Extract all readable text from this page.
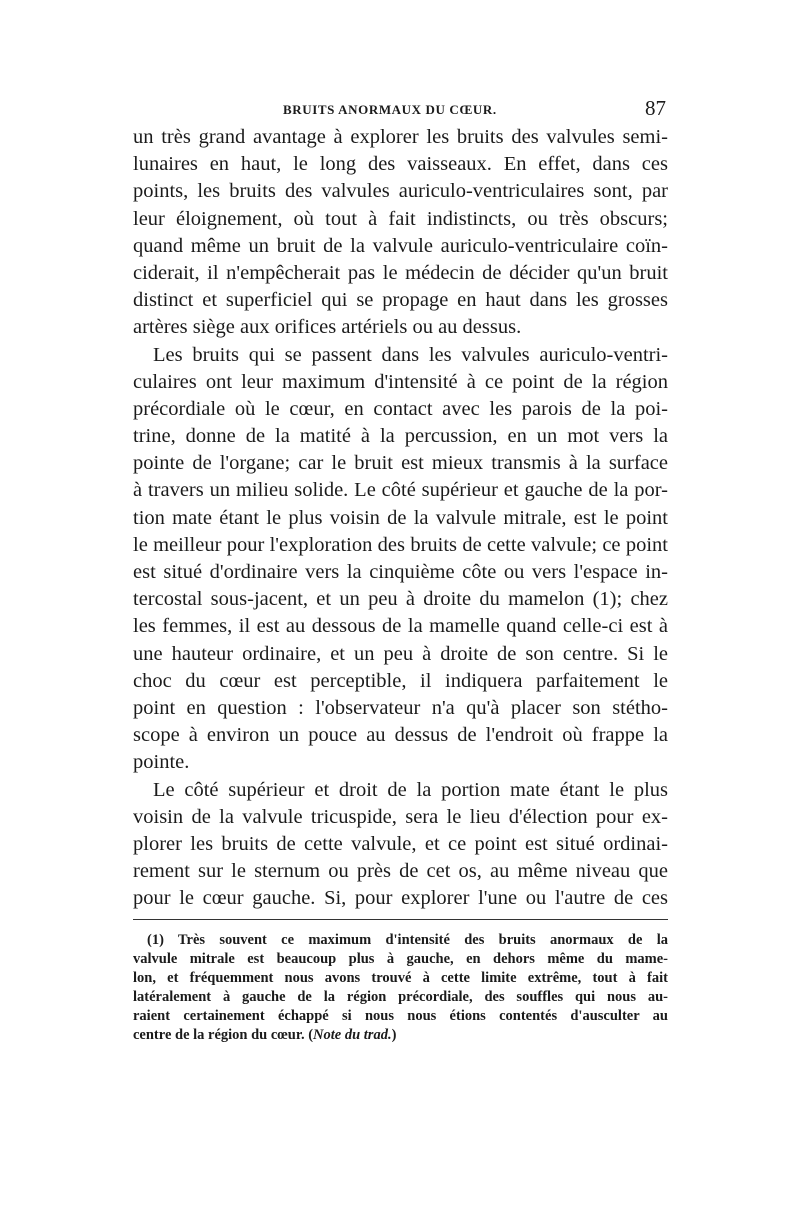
BRUITS ANORMAUX DU CŒUR.	87
un très grand avantage à explorer les bruits des valvules semi-
lunaires en haut, le long des vaisseaux. En effet, dans ces
points, les bruits des valvules auriculo-ventriculaires sont, par
leur éloignement, où tout à fait indistincts, ou très obscurs;
quand même un bruit de la valvule auriculo-ventriculaire coïn-
ciderait, il n'empêcherait pas le médecin de décider qu'un bruit
distinct et superficiel qui se propage en haut dans les grosses
artères siège aux orifices artériels ou au dessus.
Les bruits qui se passent dans les valvules auriculo-ventri-
culaires ont leur maximum d'intensité à ce point de la région
précordiale où le cœur, en contact avec les parois de la poi-
trine, donne de la matité à la percussion, en un mot vers la
pointe de l'organe; car le bruit est mieux transmis à la surface
à travers un milieu solide. Le côté supérieur et gauche de la por-
tion mate étant le plus voisin de la valvule mitrale, est le point
le meilleur pour l'exploration des bruits de cette valvule; ce point
est situé d'ordinaire vers la cinquième côte ou vers l'espace in-
tercostal sous-jacent, et un peu à droite du mamelon (1); chez
les femmes, il est au dessous de la mamelle quand celle-ci est à
une hauteur ordinaire, et un peu à droite de son centre. Si le
choc du cœur est perceptible, il indiquera parfaitement le
point en question : l'observateur n'a qu'à placer son stétho-
scope à environ un pouce au dessus de l'endroit où frappe la
pointe.
Le côté supérieur et droit de la portion mate étant le plus
voisin de la valvule tricuspide, sera le lieu d'élection pour ex-
plorer les bruits de cette valvule, et ce point est situé ordinai-
rement sur le sternum ou près de cet os, au même niveau que
pour le cœur gauche. Si, pour explorer l'une ou l'autre de ces
(1) Très souvent ce maximum d'intensité des bruits anormaux de la
valvule mitrale est beaucoup plus à gauche, en dehors même du mame-
lon, et fréquemment nous avons trouvé à cette limite extrême, tout à fait
latéralement à gauche de la région précordiale, des souffles qui nous au-
raient certainement échappé si nous nous étions contentés d'ausculter au
centre de la région du cœur. (Note du trad.)
